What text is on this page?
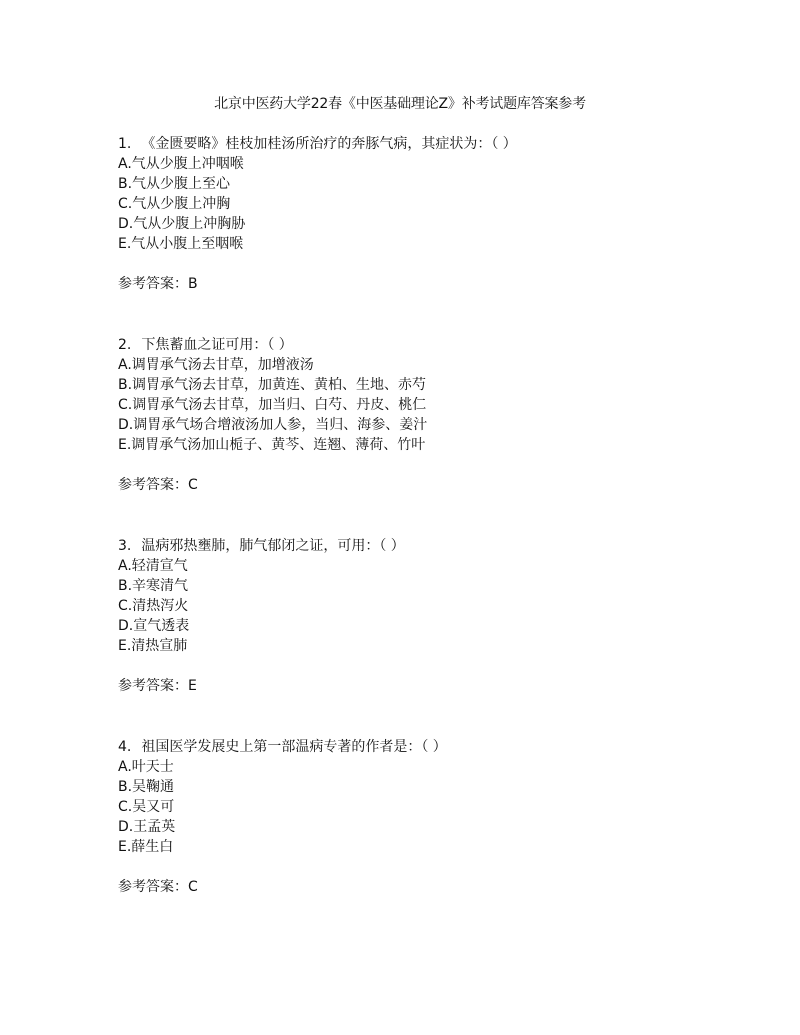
北京中医药大学22春《中医基础理论Z》补考试题库答案参考

1. 《金匮要略》桂枝加桂汤所治疗的奔豚气病，其症状为：（ ）

A.气从少腹上冲咽喉
B.气从少腹上至心
C.气从少腹上冲胸
D.气从少腹上冲胸胁
E.气从小腹上至咽喉
参考答案：B

2. 下焦蓄血之证可用：（ ）

A.调胃承气汤去甘草，加增液汤
B.调胃承气汤去甘草，加黄连、黄柏、生地、赤芍
C.调胃承气汤去甘草，加当归、白芍、丹皮、桃仁
D.调胃承气场合增液汤加人参，当归、海参、姜汁
E.调胃承气汤加山栀子、黄芩、连翘、薄荷、竹叶
参考答案：C

3. 温病邪热壅肺，肺气郁闭之证，可用：（ ）

A.轻清宣气
B.辛寒清气
C.清热泻火
D.宣气透表
E.清热宣肺
参考答案：E

4. 祖国医学发展史上第一部温病专著的作者是：（ ）

A.叶天士
B.吴鞠通
C.吴又可
D.王孟英
E.薛生白
参考答案：C
